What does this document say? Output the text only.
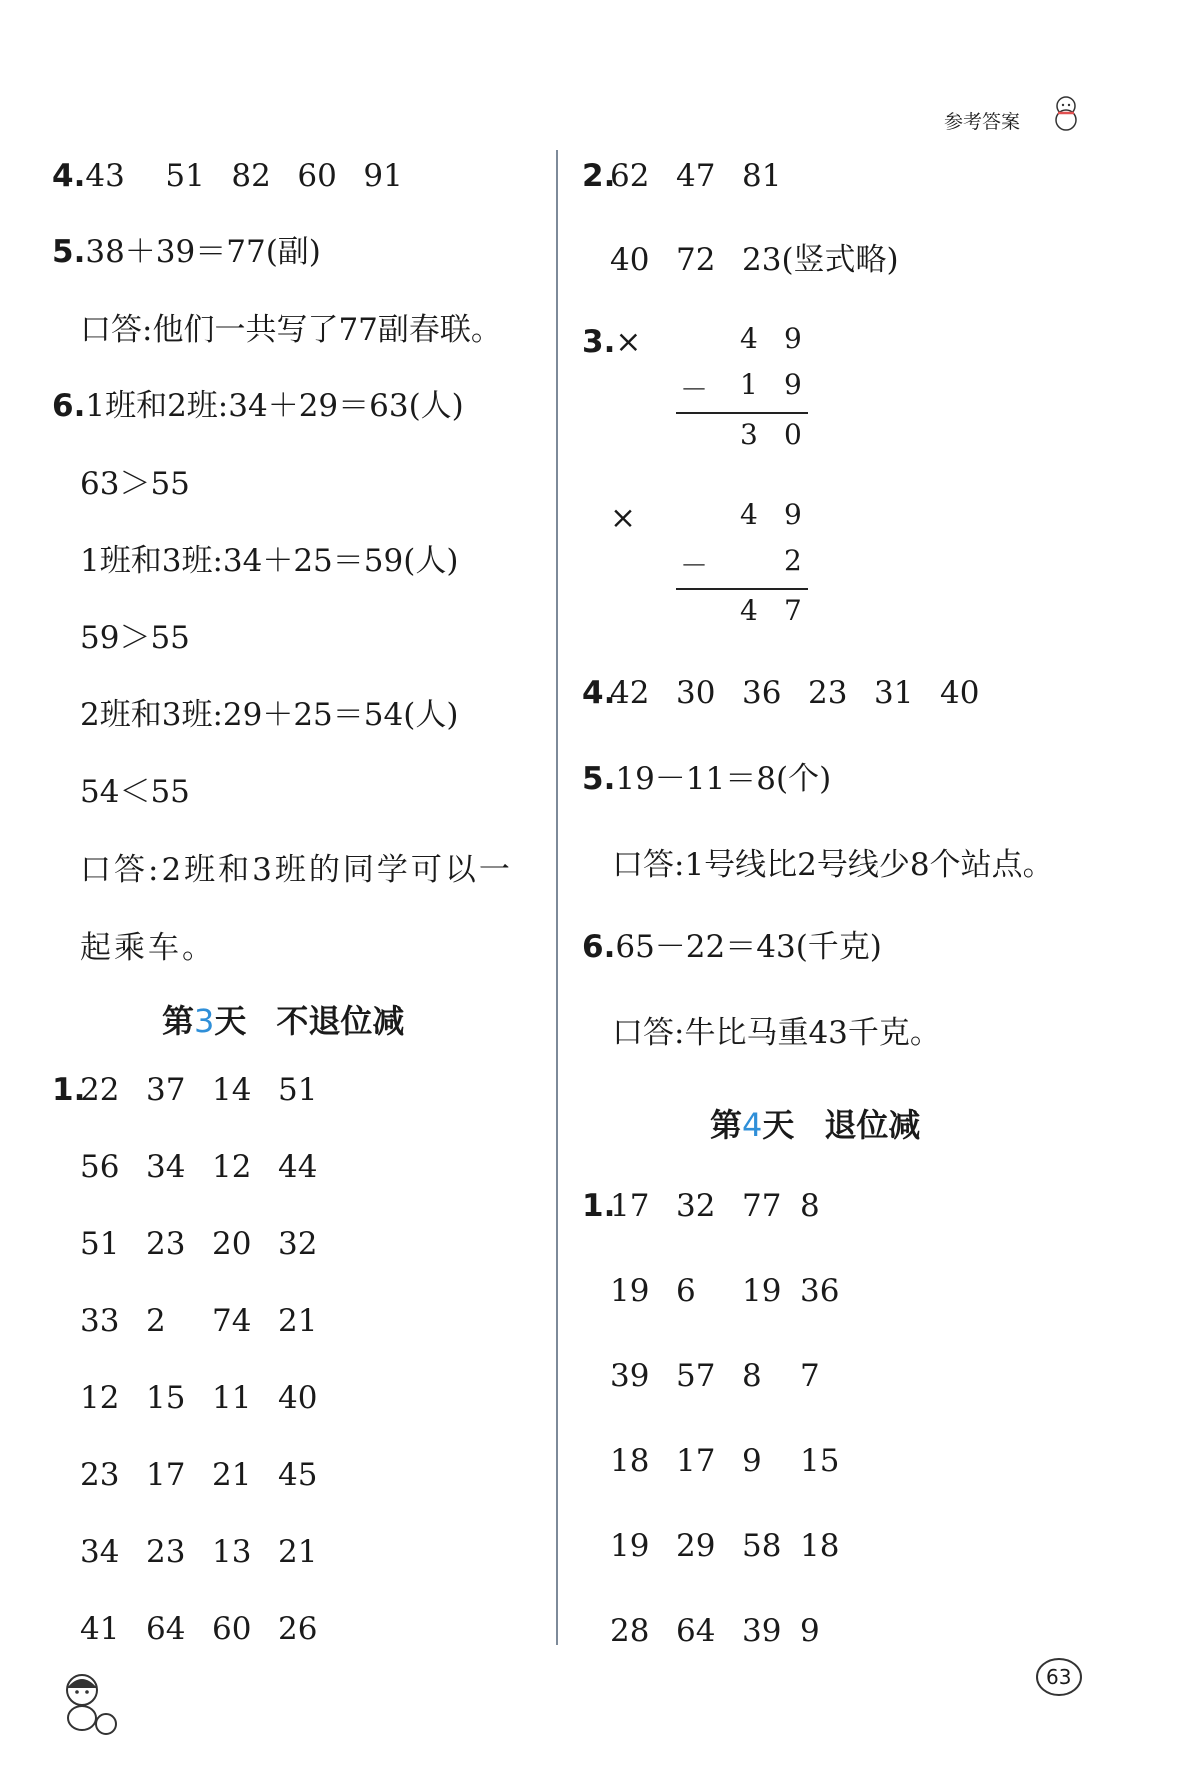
参考答案
4.43 51 82 60 91
5.38＋39＝77(副)
口答:他们一共写了77副春联。
6.1班和2班:34＋29＝63(人)
63＞55
1班和3班:34＋25＝59(人)
59＞55
2班和3班:29＋25＝54(人)
54＜55
口答:2班和3班的同学可以一
起乘车。
第3天 不退位减
1.22 37 14 51
56 34 12 44
51 23 20 32
33 2 74 21
12 15 11 40
23 17 21 45
34 23 13 21
41 64 60 26
2.62 47 81
40 72 23(竖式略)
3.×	4 9
－ 1 9
3 0
×	4 9
－	2
4 7
4.42 30 36 23 31 40
5.19－11＝8(个)
口答:1号线比2号线少8个站点。
6.65－22＝43(千克)
口答:牛比马重43千克。
第4天 退位减
1.17 32 77 8
19 6 19 36
39 57 8 7
18 17 9 15
19 29 58 18
28 64 39 9
63
